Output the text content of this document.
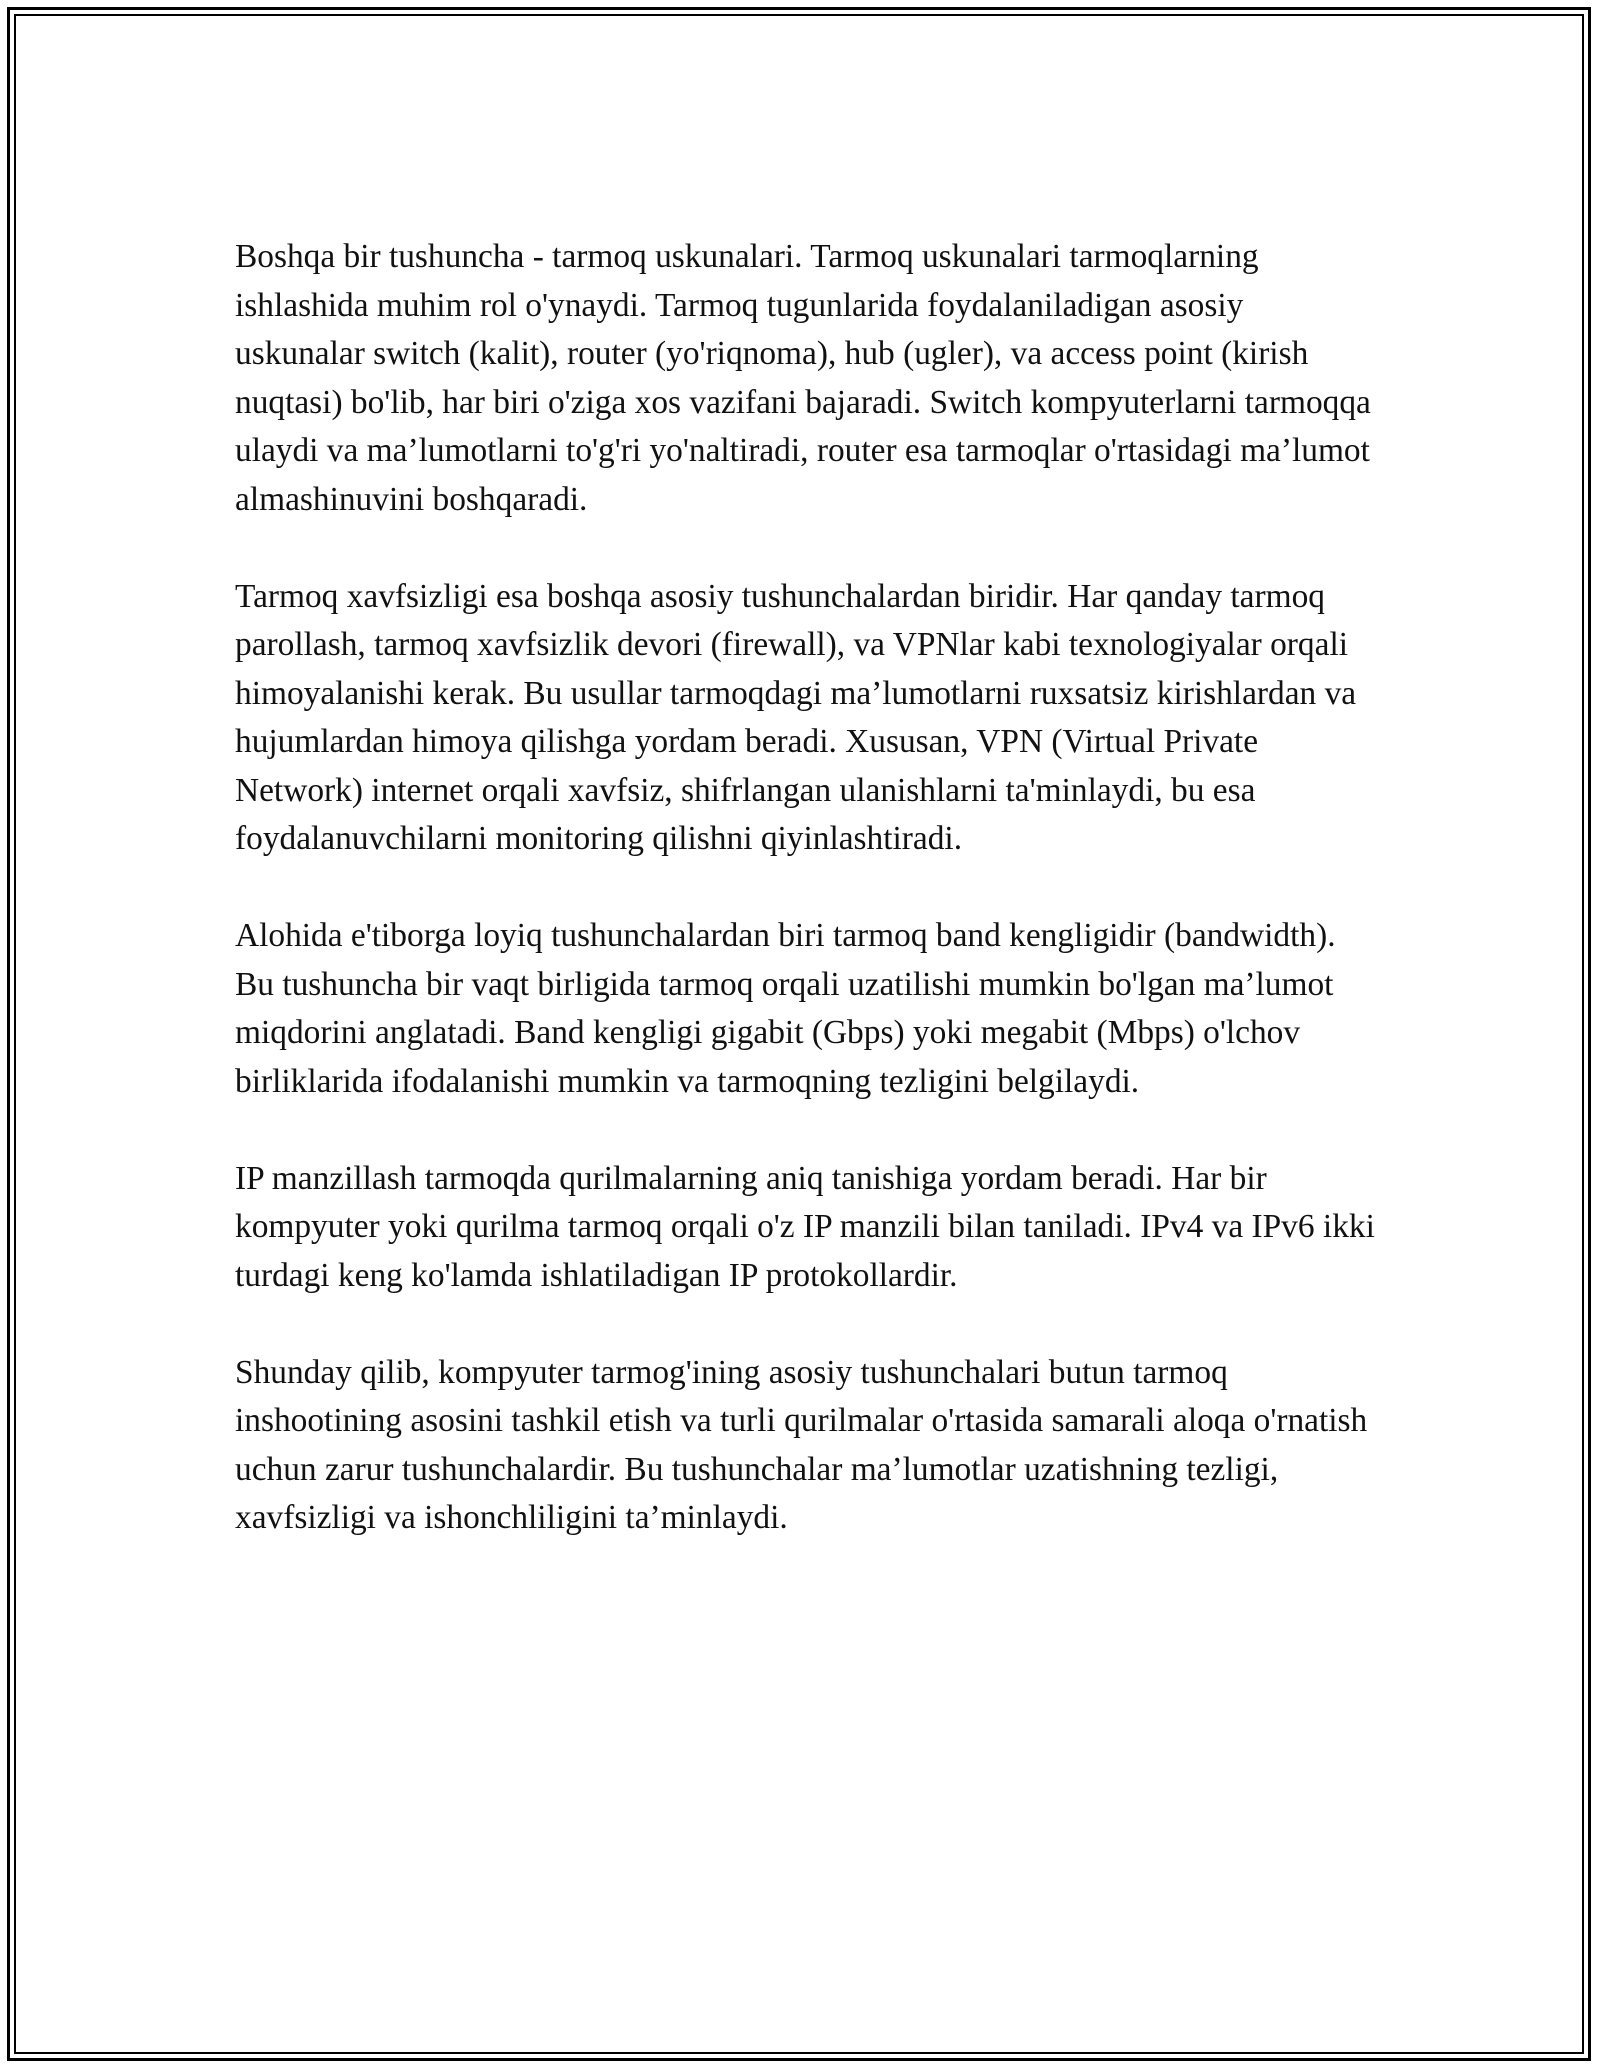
Boshqa bir tushuncha - tarmoq uskunalari. Tarmoq uskunalari tarmoqlarning ishlashida muhim rol o'ynaydi. Tarmoq tugunlarida foydalaniladigan asosiy uskunalar switch (kalit), router (yo'riqnoma), hub (ugler), va access point (kirish nuqtasi) bo'lib, har biri o'ziga xos vazifani bajaradi. Switch kompyuterlarni tarmoqqa ulaydi va ma’lumotlarni to'g'ri yo'naltiradi, router esa tarmoqlar o'rtasidagi ma’lumot almashinuvini boshqaradi.

Tarmoq xavfsizligi esa boshqa asosiy tushunchalardan biridir. Har qanday tarmoq parollash, tarmoq xavfsizlik devori (firewall), va VPNlar kabi texnologiyalar orqali himoyalanishi kerak. Bu usullar tarmoqdagi ma’lumotlarni ruxsatsiz kirishlardan va hujumlardan himoya qilishga yordam beradi. Xususan, VPN (Virtual Private Network) internet orqali xavfsiz, shifrlangan ulanishlarni ta'minlaydi, bu esa foydalanuvchilarni monitoring qilishni qiyinlashtiradi.

Alohida e'tiborga loyiq tushunchalardan biri tarmoq band kengligidir (bandwidth). Bu tushuncha bir vaqt birligida tarmoq orqali uzatilishi mumkin bo'lgan ma’lumot miqdorini anglatadi. Band kengligi gigabit (Gbps) yoki megabit (Mbps) o'lchov birliklarida ifodalanishi mumkin va tarmoqning tezligini belgilaydi.

IP manzillash tarmoqda qurilmalarning aniq tanishiga yordam beradi. Har bir kompyuter yoki qurilma tarmoq orqali o'z IP manzili bilan taniladi. IPv4 va IPv6 ikki turdagi keng ko'lamda ishlatiladigan IP protokollardir.

Shunday qilib, kompyuter tarmog'ining asosiy tushunchalari butun tarmoq inshootining asosini tashkil etish va turli qurilmalar o'rtasida samarali aloqa o'rnatish uchun zarur tushunchalardir. Bu tushunchalar ma’lumotlar uzatishning tezligi, xavfsizligi va ishonchliligini ta’minlaydi.
